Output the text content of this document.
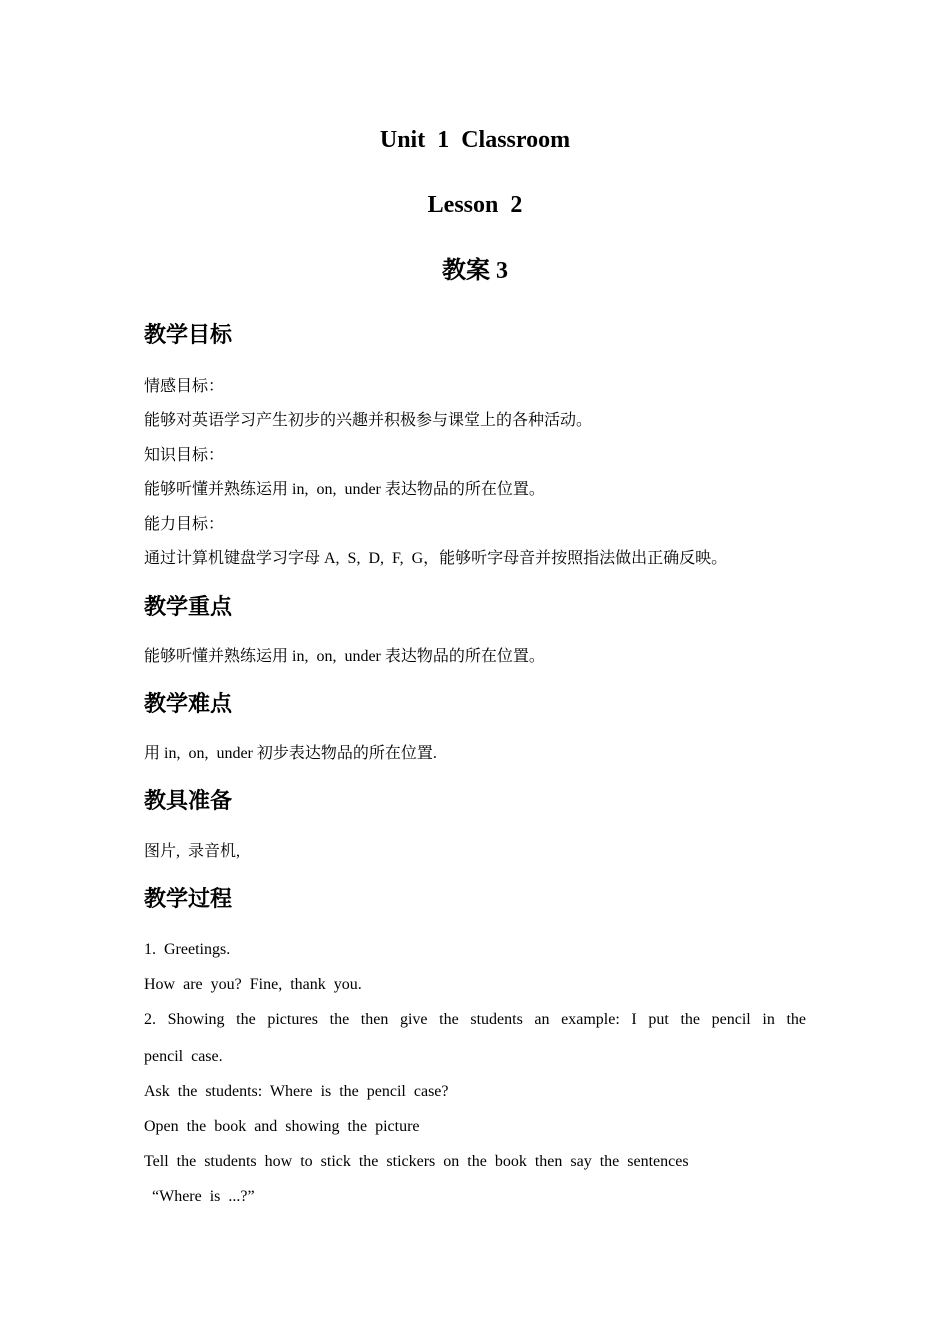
Unit  1  Classroom
Lesson  2
教案 3
教学目标
情感目标：
能够对英语学习产生初步的兴趣并积极参与课堂上的各种活动。
知识目标：
能够听懂并熟练运用 in,  on,  under 表达物品的所在位置。
能力目标：
通过计算机键盘学习字母 A,  S,  D,  F,  G，能够听字母音并按照指法做出正确反映。
教学重点
能够听懂并熟练运用 in,  on,  under 表达物品的所在位置。
教学难点
用 in,  on,  under 初步表达物品的所在位置.
教具准备
图片,  录音机,
教学过程
1.  Greetings.
How  are  you?  Fine,  thank  you.
2. Showing the pictures the then give the students an example: I put the pencil in the
pencil  case.
Ask  the  students:  Where  is  the  pencil  case?
Open  the  book  and  showing  the  picture
Tell  the  students  how  to  stick  the  stickers  on  the  book  then  say  the  sentences
“Where  is  ...?”
